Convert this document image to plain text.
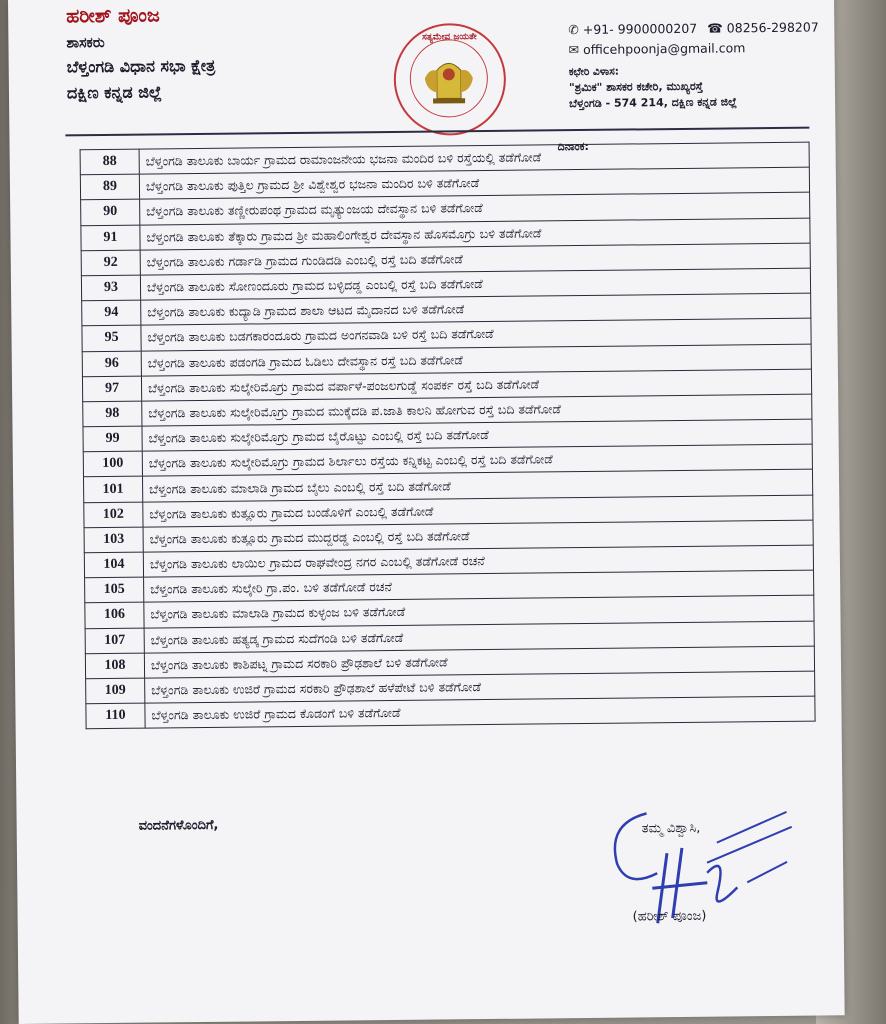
ಹರೀಶ್ ಪೂಂಜ
ಶಾಸಕರು
ಬೆಳ್ತಂಗಡಿ ವಿಧಾನ ಸಭಾ ಕ್ಷೇತ್ರ
ದಕ್ಷಿಣ ಕನ್ನಡ ಜಿಲ್ಲೆ
ಸತ್ಯಮೇವ ಜಯತೇ
✆ +91- 9900000207 ☎ 08256-298207
✉ officehpoonja@gmail.com
ಕಛೇರಿ ವಿಳಾಸ:
"ಶ್ರಮಿಕ" ಶಾಸಕರ ಕಚೇರಿ, ಮುಖ್ಯರಸ್ತೆ
ಬೆಳ್ತಂಗಡಿ - 574 214, ದಕ್ಷಿಣ ಕನ್ನಡ ಜಿಲ್ಲೆ
ದಿನಾಂಕ:
88	ಬೆಳ್ತಂಗಡಿ ತಾಲೂಕು ಬಾರ್ಯ ಗ್ರಾಮದ ರಾಮಾಂಜನೇಯ ಭಜನಾ ಮಂದಿರ ಬಳಿ ರಸ್ತೆಯಲ್ಲಿ ತಡೆಗೋಡೆ
89	ಬೆಳ್ತಂಗಡಿ ತಾಲೂಕು ಪುತ್ತಿಲ ಗ್ರಾಮದ ಶ್ರೀ ವಿಶ್ವೇಶ್ವರ ಭಜನಾ ಮಂದಿರ ಬಳಿ ತಡೆಗೋಡೆ
90	ಬೆಳ್ತಂಗಡಿ ತಾಲೂಕು ತಣ್ಣೀರುಪಂಥ ಗ್ರಾಮದ ಮೃತ್ಯುಂಜಯ ದೇವಸ್ಥಾನ ಬಳಿ ತಡೆಗೋಡೆ
91	ಬೆಳ್ತಂಗಡಿ ತಾಲೂಕು ತೆಕ್ಕಾರು ಗ್ರಾಮದ ಶ್ರೀ ಮಹಾಲಿಂಗೇಶ್ವರ ದೇವಸ್ಥಾನ ಹೊಸಮೊಗ್ರು ಬಳಿ ತಡೆಗೋಡೆ
92	ಬೆಳ್ತಂಗಡಿ ತಾಲೂಕು ಗರ್ಡಾಡಿ ಗ್ರಾಮದ ಗುಂಡಿದಡಿ ಎಂಬಲ್ಲಿ ರಸ್ತೆ ಬದಿ ತಡೆಗೋಡೆ
93	ಬೆಳ್ತಂಗಡಿ ತಾಲೂಕು ಸೋಣಂದೂರು ಗ್ರಾಮದ ಬಳ್ಳಿದಡ್ಡ ಎಂಬಲ್ಲಿ ರಸ್ತೆ ಬದಿ ತಡೆಗೋಡೆ
94	ಬೆಳ್ತಂಗಡಿ ತಾಲೂಕು ಕುದ್ಯಾಡಿ ಗ್ರಾಮದ ಶಾಲಾ ಆಟದ ಮೈದಾನದ ಬಳಿ ತಡೆಗೋಡೆ
95	ಬೆಳ್ತಂಗಡಿ ತಾಲೂಕು ಬಡಗಕಾರಂದೂರು ಗ್ರಾಮದ ಅಂಗನವಾಡಿ ಬಳಿ ರಸ್ತೆ ಬದಿ ತಡೆಗೋಡೆ
96	ಬೆಳ್ತಂಗಡಿ ತಾಲೂಕು ಪಡಂಗಡಿ ಗ್ರಾಮದ ಓಡಿಲು ದೇವಸ್ಥಾನ ರಸ್ತೆ ಬದಿ ತಡೆಗೋಡೆ
97	ಬೆಳ್ತಂಗಡಿ ತಾಲೂಕು ಸುಲ್ಕೇರಿಮೊಗ್ರು ಗ್ರಾಮದ ವರ್ಪಾಳೆ-ಪಂಜಲಗುಡ್ಡೆ ಸಂಪರ್ಕ ರಸ್ತೆ ಬದಿ ತಡೆಗೋಡೆ
98	ಬೆಳ್ತಂಗಡಿ ತಾಲೂಕು ಸುಲ್ಕೇರಿಮೊಗ್ರು ಗ್ರಾಮದ ಮುಕ್ಕೆದಡಿ ಪ.ಜಾತಿ ಕಾಲನಿ ಹೋಗುವ ರಸ್ತೆ ಬದಿ ತಡೆಗೋಡೆ
99	ಬೆಳ್ತಂಗಡಿ ತಾಲೂಕು ಸುಲ್ಕೇರಿಮೊಗ್ರು ಗ್ರಾಮದ ಬೈರೊಟ್ಟು ಎಂಬಲ್ಲಿ ರಸ್ತೆ ಬದಿ ತಡೆಗೋಡೆ
100	ಬೆಳ್ತಂಗಡಿ ತಾಲೂಕು ಸುಲ್ಕೇರಿಮೊಗ್ರು ಗ್ರಾಮದ ಶಿರ್ಲಾಲು ರಸ್ತೆಯ ಕನ್ನಿಕಟ್ಟ ಎಂಬಲ್ಲಿ ರಸ್ತೆ ಬದಿ ತಡೆಗೋಡೆ
101	ಬೆಳ್ತಂಗಡಿ ತಾಲೂಕು ಮಾಲಾಡಿ ಗ್ರಾಮದ ಬೈಲು ಎಂಬಲ್ಲಿ ರಸ್ತೆ ಬದಿ ತಡೆಗೋಡೆ
102	ಬೆಳ್ತಂಗಡಿ ತಾಲೂಕು ಕುತ್ಲೂರು ಗ್ರಾಮದ ಬಂಡೊಳಿಗೆ ಎಂಬಲ್ಲಿ ತಡೆಗೋಡೆ
103	ಬೆಳ್ತಂಗಡಿ ತಾಲೂಕು ಕುತ್ಲೂರು ಗ್ರಾಮದ ಮುದ್ದರಡ್ಡ ಎಂಬಲ್ಲಿ ರಸ್ತೆ ಬದಿ ತಡೆಗೋಡೆ
104	ಬೆಳ್ತಂಗಡಿ ತಾಲೂಕು ಲಾಯಿಲ ಗ್ರಾಮದ ರಾಘವೇಂದ್ರ ನಗರ ಎಂಬಲ್ಲಿ ತಡೆಗೋಡೆ ರಚನೆ
105	ಬೆಳ್ತಂಗಡಿ ತಾಲೂಕು ಸುಲ್ಕೇರಿ ಗ್ರಾ.ಪಂ. ಬಳಿ ತಡೆಗೋಡೆ ರಚನೆ
106	ಬೆಳ್ತಂಗಡಿ ತಾಲೂಕು ಮಾಲಾಡಿ ಗ್ರಾಮದ ಕುಳ್ಳಂಜ ಬಳಿ ತಡೆಗೋಡೆ
107	ಬೆಳ್ತಂಗಡಿ ತಾಲೂಕು ಹತ್ಯಡ್ಕ ಗ್ರಾಮದ ಸುದೆಗಂಡಿ ಬಳಿ ತಡೆಗೋಡೆ
108	ಬೆಳ್ತಂಗಡಿ ತಾಲೂಕು ಕಾಶಿಪಟ್ನ ಗ್ರಾಮದ ಸರಕಾರಿ ಪ್ರೌಢಶಾಲೆ ಬಳಿ ತಡೆಗೋಡೆ
109	ಬೆಳ್ತಂಗಡಿ ತಾಲೂಕು ಉಜಿರೆ ಗ್ರಾಮದ ಸರಕಾರಿ ಪ್ರೌಢಶಾಲೆ ಹಳೆಪೇಟೆ ಬಳಿ ತಡೆಗೋಡೆ
110	ಬೆಳ್ತಂಗಡಿ ತಾಲೂಕು ಉಜಿರೆ ಗ್ರಾಮದ ಕೊಡಂಗೆ ಬಳಿ ತಡೆಗೋಡೆ
ವಂದನೆಗಳೊಂದಿಗೆ,	ತಮ್ಮ ವಿಶ್ವಾಸಿ,
(ಹರೀಶ್ ಪೂಂಜ)
